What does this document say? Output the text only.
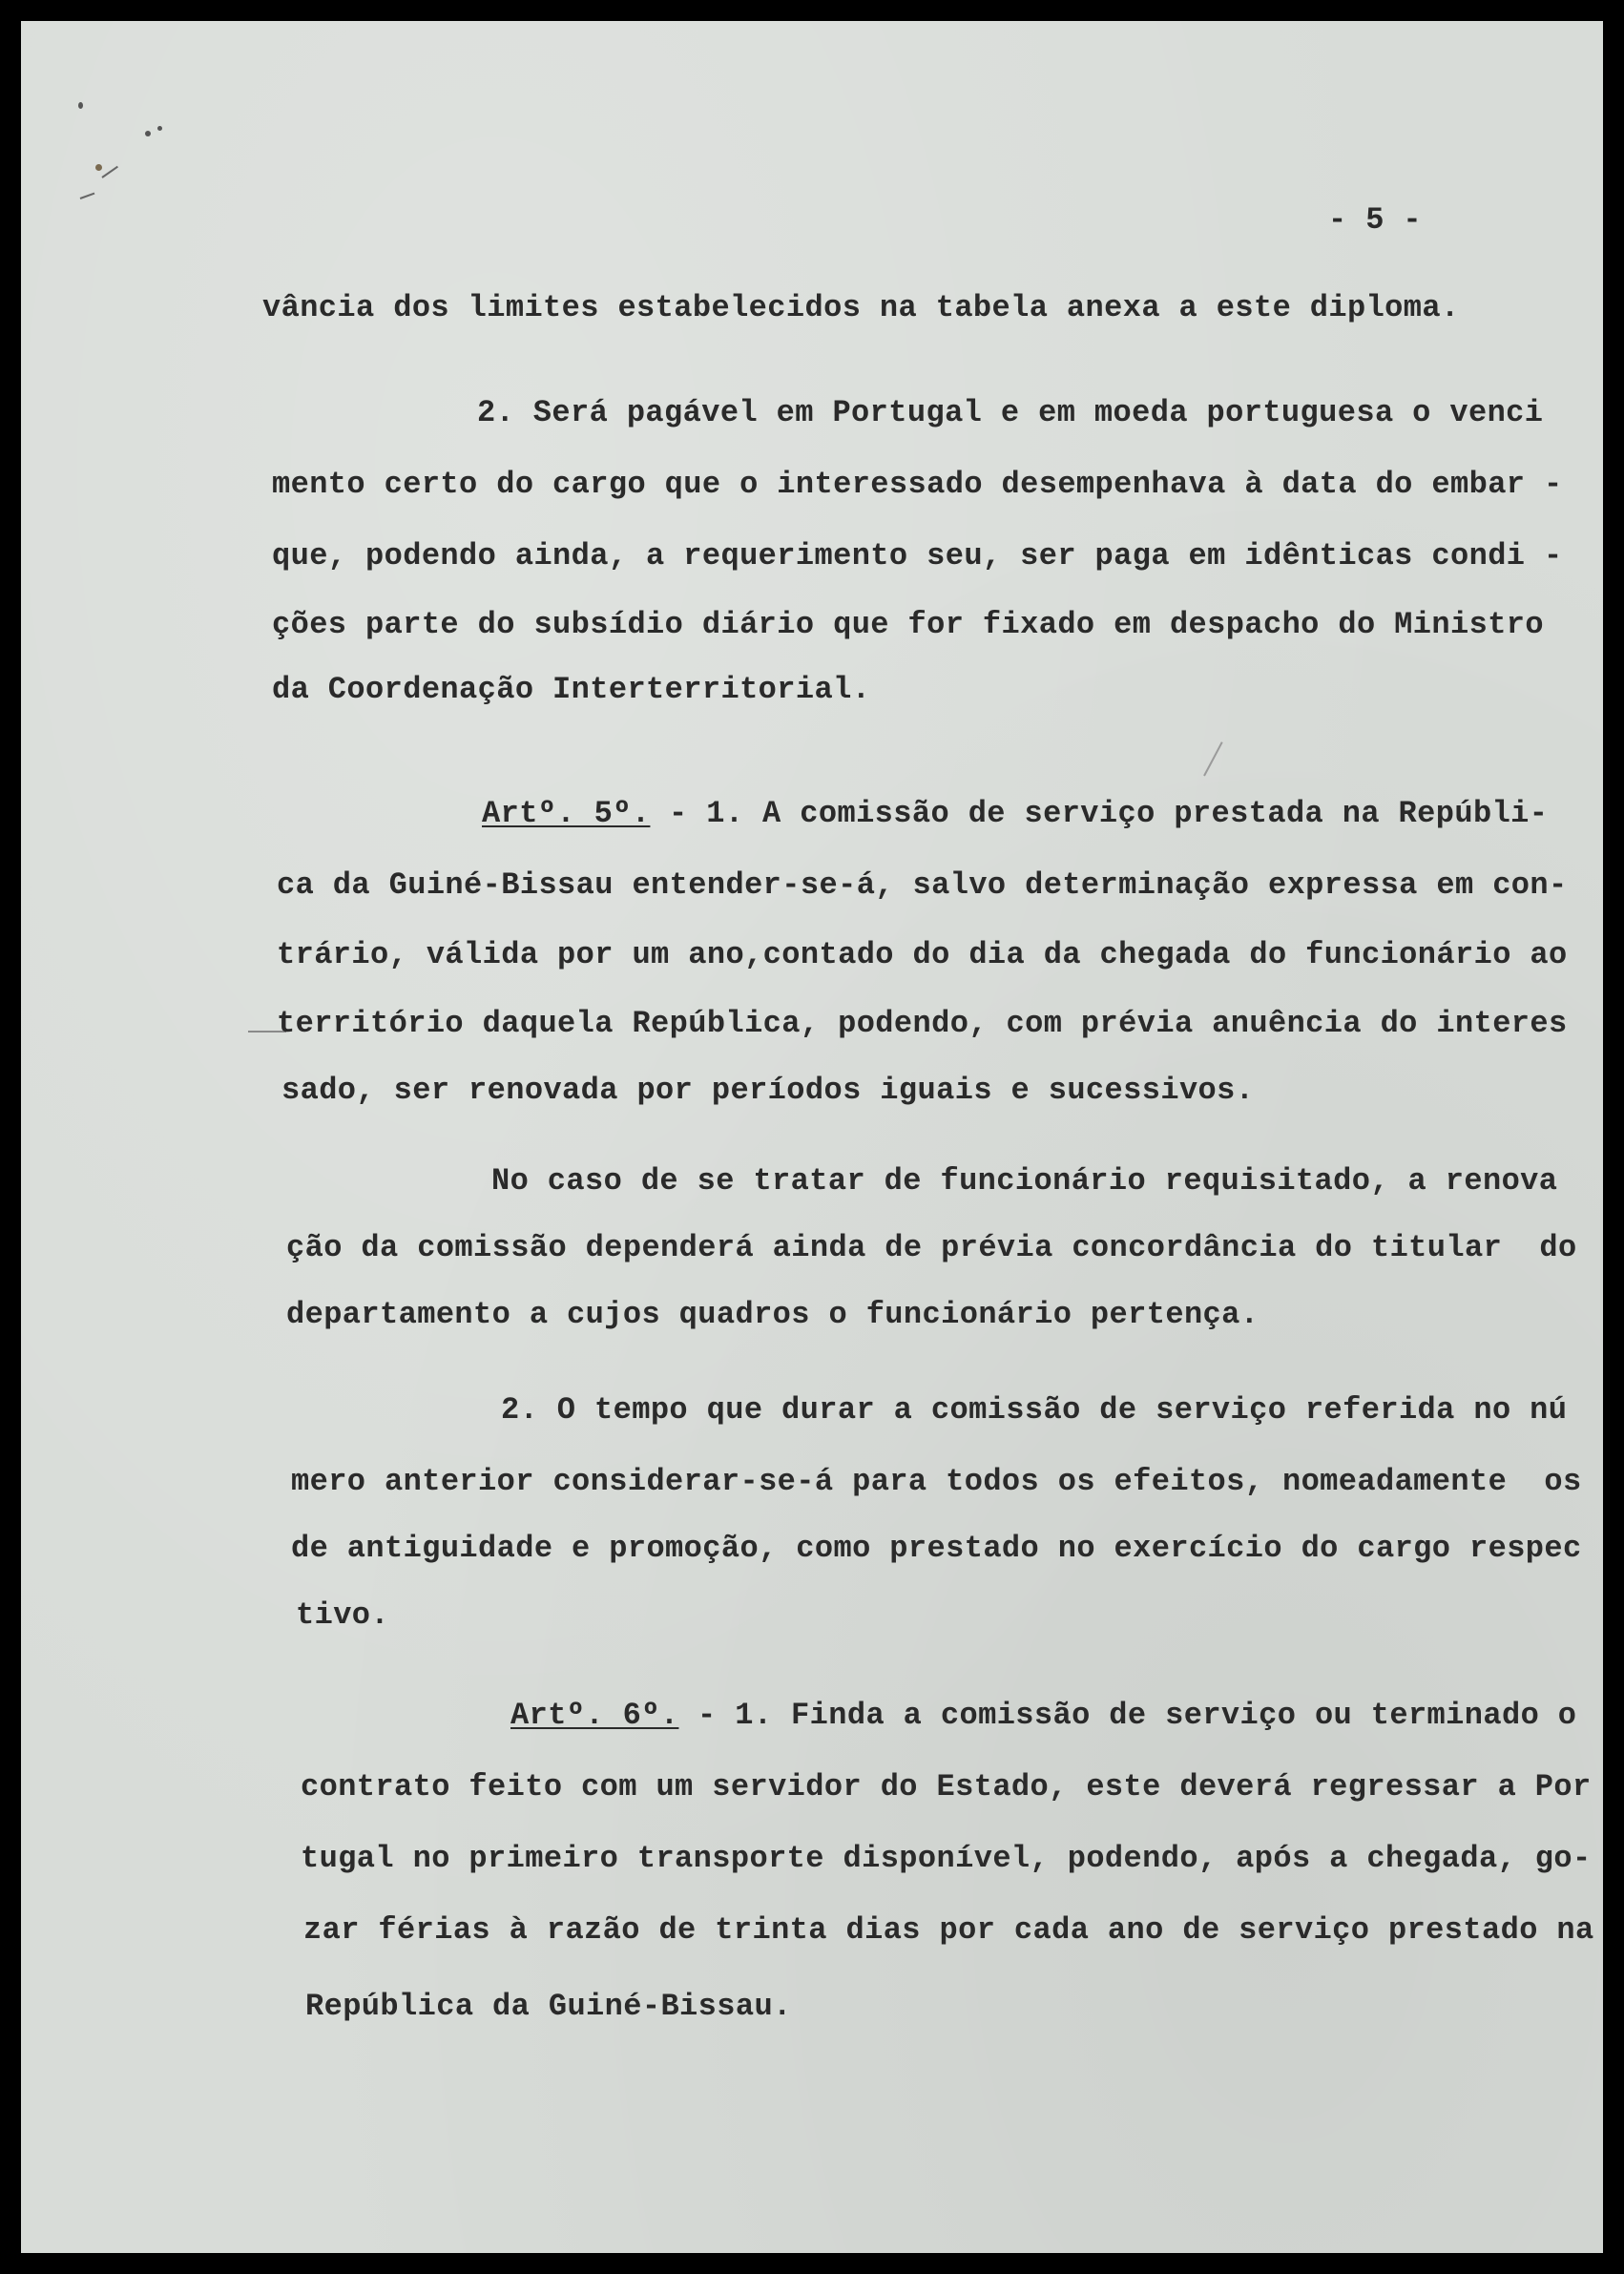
- 5 -

vância dos limites estabelecidos na tabela anexa a este diploma.

2. Será pagável em Portugal e em moeda portuguesa o venci

mento certo do cargo que o interessado desempenhava à data do embar -

que, podendo ainda, a requerimento seu, ser paga em idênticas condi -

ções parte do subsídio diário que for fixado em despacho do Ministro

da Coordenação Interterritorial.

Artº. 5º. - 1. A comissão de serviço prestada na Repúbli-

ca da Guiné-Bissau entender-se-á, salvo determinação expressa em con-

trário, válida por um ano,contado do dia da chegada do funcionário ao

território daquela República, podendo, com prévia anuência do interes

sado, ser renovada por períodos iguais e sucessivos.

No caso de se tratar de funcionário requisitado, a renova

ção da comissão dependerá ainda de prévia concordância do titular  do

departamento a cujos quadros o funcionário pertença.

2. O tempo que durar a comissão de serviço referida no nú

mero anterior considerar-se-á para todos os efeitos, nomeadamente  os

de antiguidade e promoção, como prestado no exercício do cargo respec

tivo.

Artº. 6º. - 1. Finda a comissão de serviço ou terminado o

contrato feito com um servidor do Estado, este deverá regressar a Por

tugal no primeiro transporte disponível, podendo, após a chegada, go-

zar férias à razão de trinta dias por cada ano de serviço prestado na

República da Guiné-Bissau.
